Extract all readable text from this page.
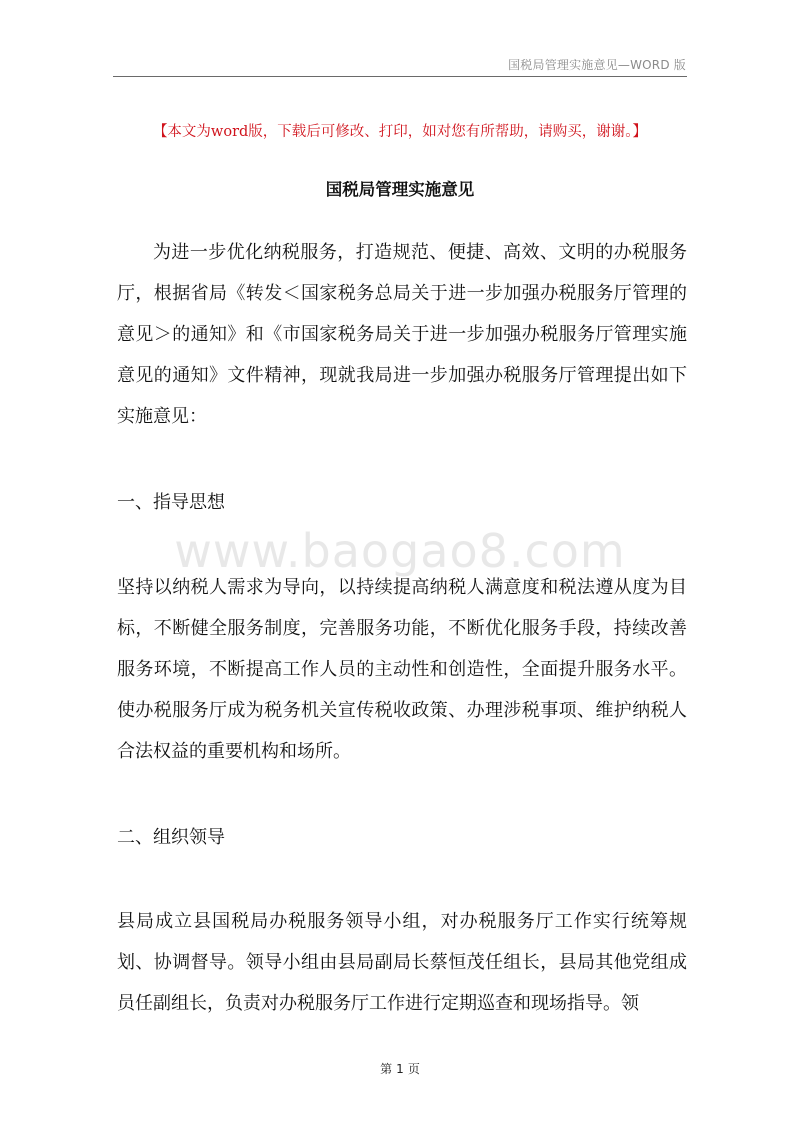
国税局管理实施意见—WORD 版
【本文为word版，下载后可修改、打印，如对您有所帮助，请购买，谢谢。】
国税局管理实施意见

为进一步优化纳税服务，打造规范、便捷、高效、文明的办税服务厅，根据省局《转发＜国家税务总局关于进一步加强办税服务厅管理的意见＞的通知》和《市国家税务局关于进一步加强办税服务厅管理实施意见的通知》文件精神，现就我局进一步加强办税服务厅管理提出如下实施意见：

一、指导思想

www.baogao8.com

坚持以纳税人需求为导向，以持续提高纳税人满意度和税法遵从度为目标，不断健全服务制度，完善服务功能，不断优化服务手段，持续改善服务环境，不断提高工作人员的主动性和创造性，全面提升服务水平。使办税服务厅成为税务机关宣传税收政策、办理涉税事项、维护纳税人合法权益的重要机构和场所。

二、组织领导

县局成立县国税局办税服务领导小组，对办税服务厅工作实行统筹规划、协调督导。领导小组由县局副局长蔡恒茂任组长，县局其他党组成员任副组长，负责对办税服务厅工作进行定期巡查和现场指导。领

第 1 页
